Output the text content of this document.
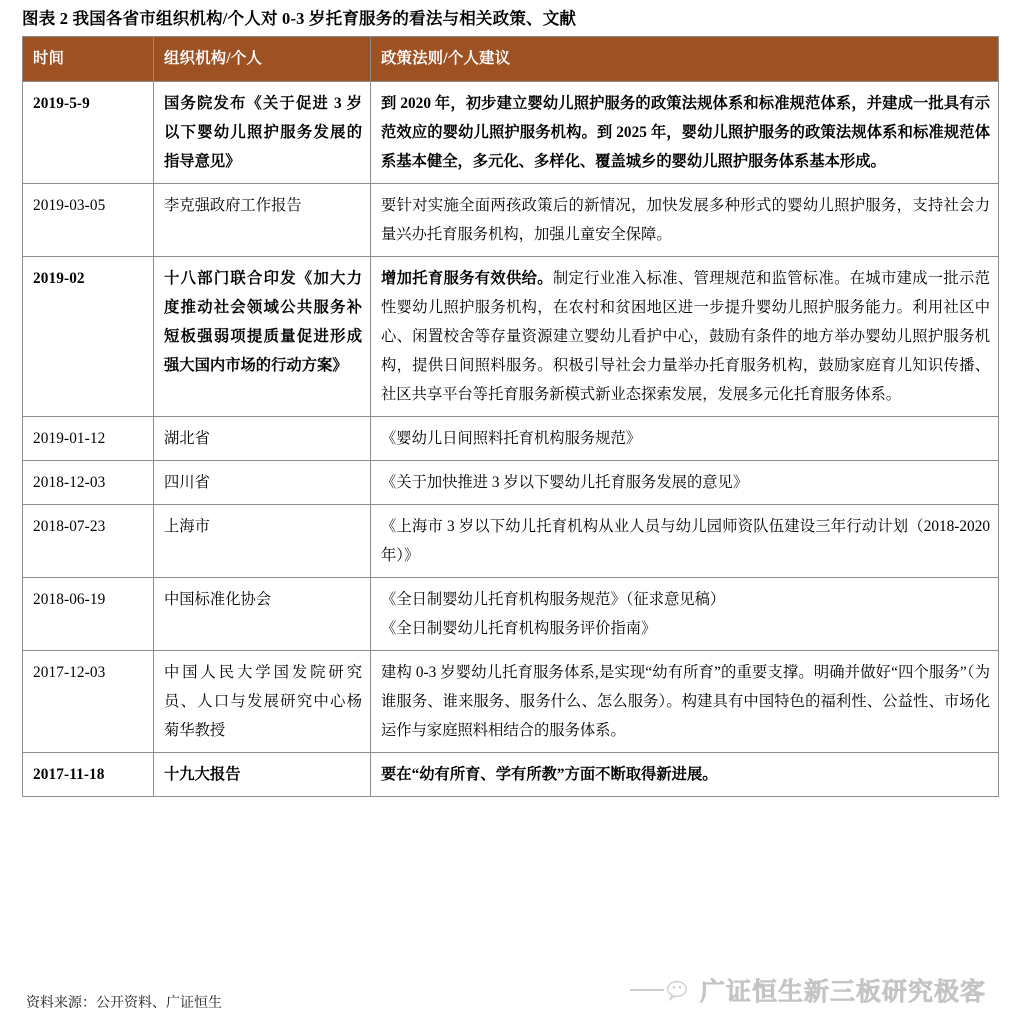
图表 2 我国各省市组织机构/个人对 0-3 岁托育服务的看法与相关政策、文献
时间	组织机构/个人	政策法则/个人建议
2019-5-9	国务院发布《关于促进 3 岁以下婴幼儿照护服务发展的指导意见》	到 2020 年，初步建立婴幼儿照护服务的政策法规体系和标准规范体系，并建成一批具有示范效应的婴幼儿照护服务机构。到 2025 年，婴幼儿照护服务的政策法规体系和标准规范体系基本健全，多元化、多样化、覆盖城乡的婴幼儿照护服务体系基本形成。
2019-03-05	李克强政府工作报告	要针对实施全面两孩政策后的新情况，加快发展多种形式的婴幼儿照护服务，支持社会力量兴办托育服务机构，加强儿童安全保障。
2019-02	十八部门联合印发《加大力度推动社会领域公共服务补短板强弱项提质量促进形成强大国内市场的行动方案》	增加托育服务有效供给。制定行业准入标准、管理规范和监管标准。在城市建成一批示范性婴幼儿照护服务机构，在农村和贫困地区进一步提升婴幼儿照护服务能力。利用社区中心、闲置校舍等存量资源建立婴幼儿看护中心，鼓励有条件的地方举办婴幼儿照护服务机构，提供日间照料服务。积极引导社会力量举办托育服务机构，鼓励家庭育儿知识传播、社区共享平台等托育服务新模式新业态探索发展，发展多元化托育服务体系。
2019-01-12	湖北省	《婴幼儿日间照料托育机构服务规范》
2018-12-03	四川省	《关于加快推进 3 岁以下婴幼儿托育服务发展的意见》
2018-07-23	上海市	《上海市 3 岁以下幼儿托育机构从业人员与幼儿园师资队伍建设三年行动计划（2018-2020 年）》
2018-06-19	中国标准化协会	《全日制婴幼儿托育机构服务规范》（征求意见稿）
《全日制婴幼儿托育机构服务评价指南》

2017-12-03	中国人民大学国发院研究员、人口与发展研究中心杨菊华教授	建构 0-3 岁婴幼儿托育服务体系,是实现“幼有所育”的重要支撑。明确并做好“四个服务”（为谁服务、谁来服务、服务什么、怎么服务）。构建具有中国特色的福利性、公益性、市场化运作与家庭照料相结合的服务体系。
2017-11-18	十九大报告	要在“幼有所育、学有所教”方面不断取得新进展。
资料来源：公开资料、广证恒生	广证恒生新三板研究极客
